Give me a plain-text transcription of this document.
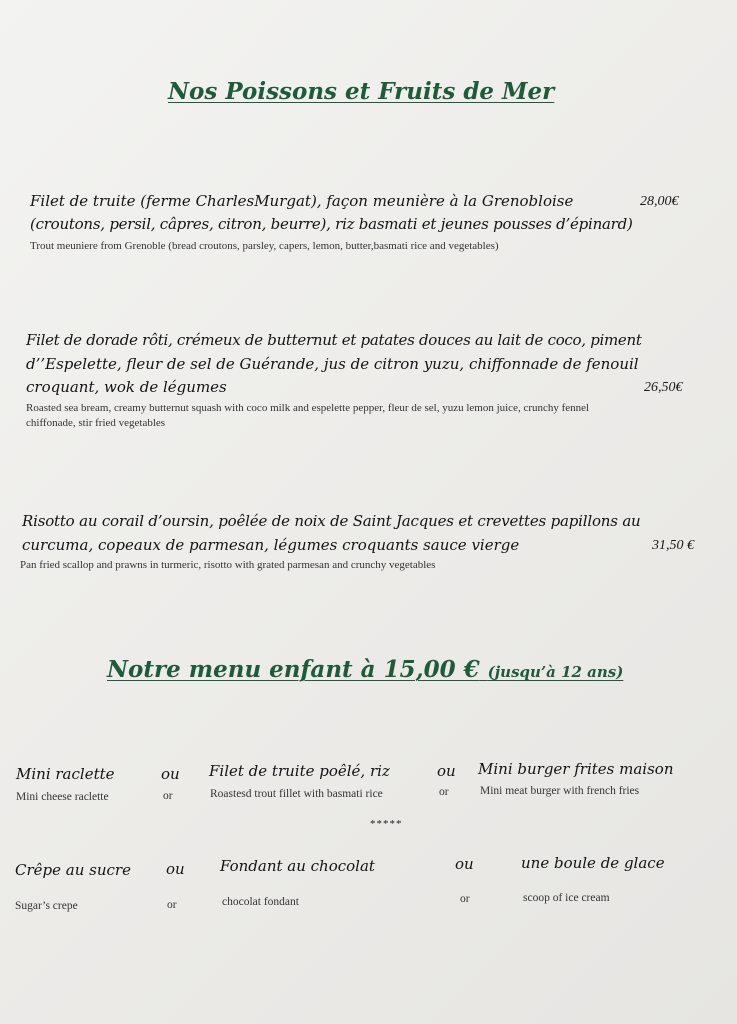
Nos Poissons et Fruits de Mer
Filet de truite (ferme CharlesMurgat), façon meunière à la Grenobloise	28,00€
(croutons, persil, câpres, citron, beurre), riz basmati et jeunes pousses d’épinard)
Trout meuniere from Grenoble (bread croutons, parsley, capers, lemon, butter,basmati rice and vegetables)
Filet de dorade rôti, crémeux de butternut et patates douces au lait de coco, piment
d’’Espelette, fleur de sel de Guérande, jus de citron yuzu, chiffonnade de fenouil
croquant, wok de légumes	26,50€
Roasted sea bream, creamy butternut squash with coco milk and espelette pepper, fleur de sel, yuzu lemon juice, crunchy fennel
chiffonade, stir fried vegetables
Risotto au corail d’oursin, poêlée de noix de Saint Jacques et crevettes papillons au
curcuma, copeaux de parmesan, légumes croquants sauce vierge	31,50 €
Pan fried scallop and prawns in turmeric, risotto with grated parmesan and crunchy vegetables
Notre menu enfant à 15,00 € (jusqu’à 12 ans)
Mini raclette	ou Filet de truite poêlé, riz	ou Mini burger frites maison
Mini cheese raclette	or	Roastesd trout fillet with basmati rice	or	Mini meat burger with french fries
*****
Crêpe au sucre ou Fondant au chocolat	ou	une boule de glace
Sugar’s crepe	or	chocolat fondant	or	scoop of ice cream
